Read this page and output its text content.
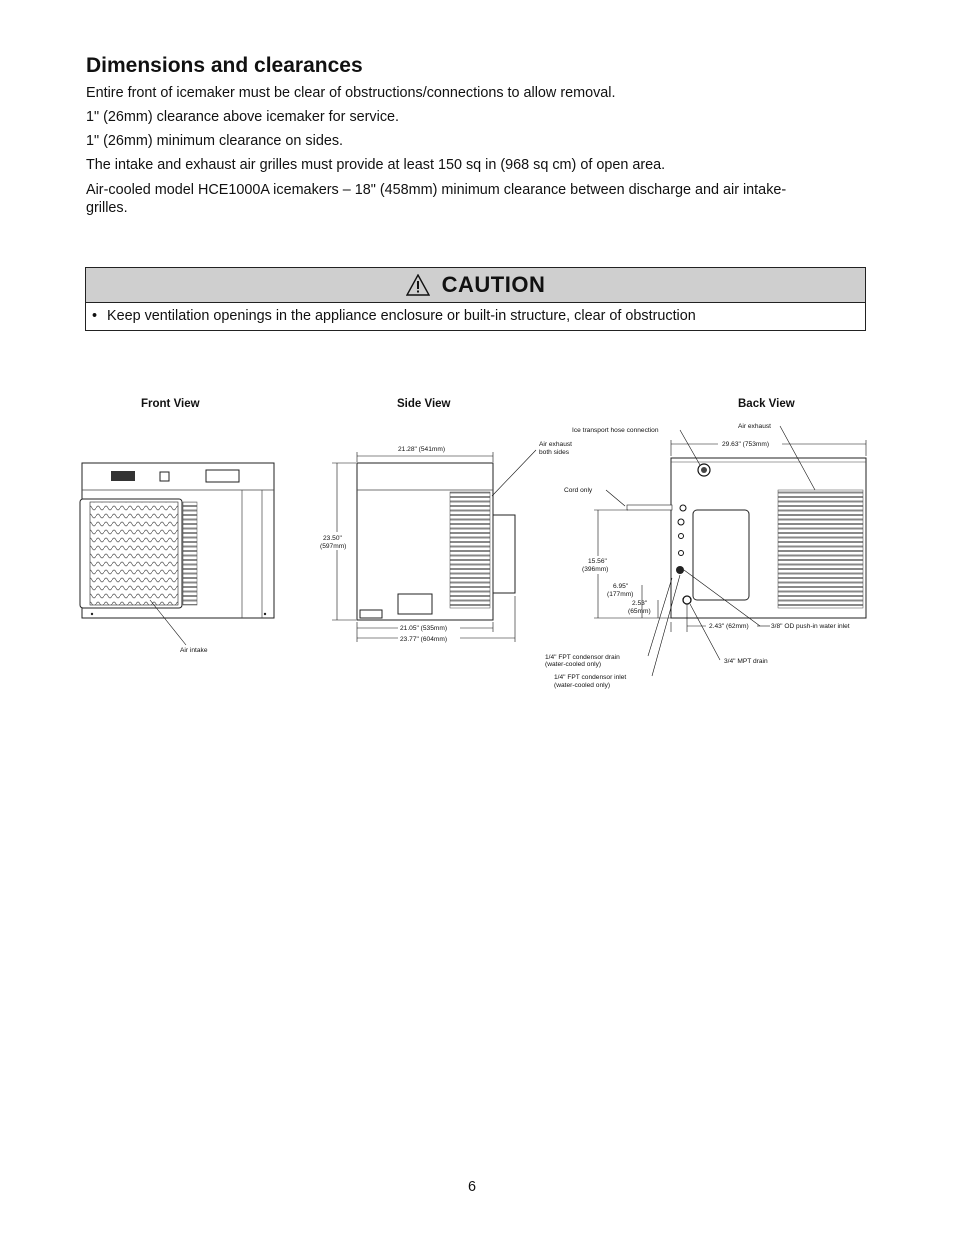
Dimensions and clearances

Entire front of icemaker must be clear of obstructions/connections to allow removal.

1" (26mm) clearance above icemaker for service.

1" (26mm) minimum clearance on sides.

The intake and exhaust air grilles must provide at least 150 sq in (968 sq cm) of open area.

Air-cooled model HCE1000A icemakers – 18" (458mm) minimum clearance between discharge and air intake-grilles.

CAUTION
• Keep ventilation openings in the appliance enclosure or built-in structure, clear of obstruction
Front View	Side View	Back View
Air intake
21.28" (541mm)
Air exhaust
both sides
23.50"
(597mm)
21.05" (535mm)
23.77" (604mm)
29.63" (753mm)
Ice transport hose connection
Air exhaust
Cord only
15.56"
(396mm)
6.95"
(177mm)
2.53"
(65mm)
2.43" (62mm)	3/8" OD push-in water inlet
3/4" MPT drain
1/4" FPT condensor drain
(water-cooled only)
1/4" FPT condensor inlet
(water-cooled only)
6
